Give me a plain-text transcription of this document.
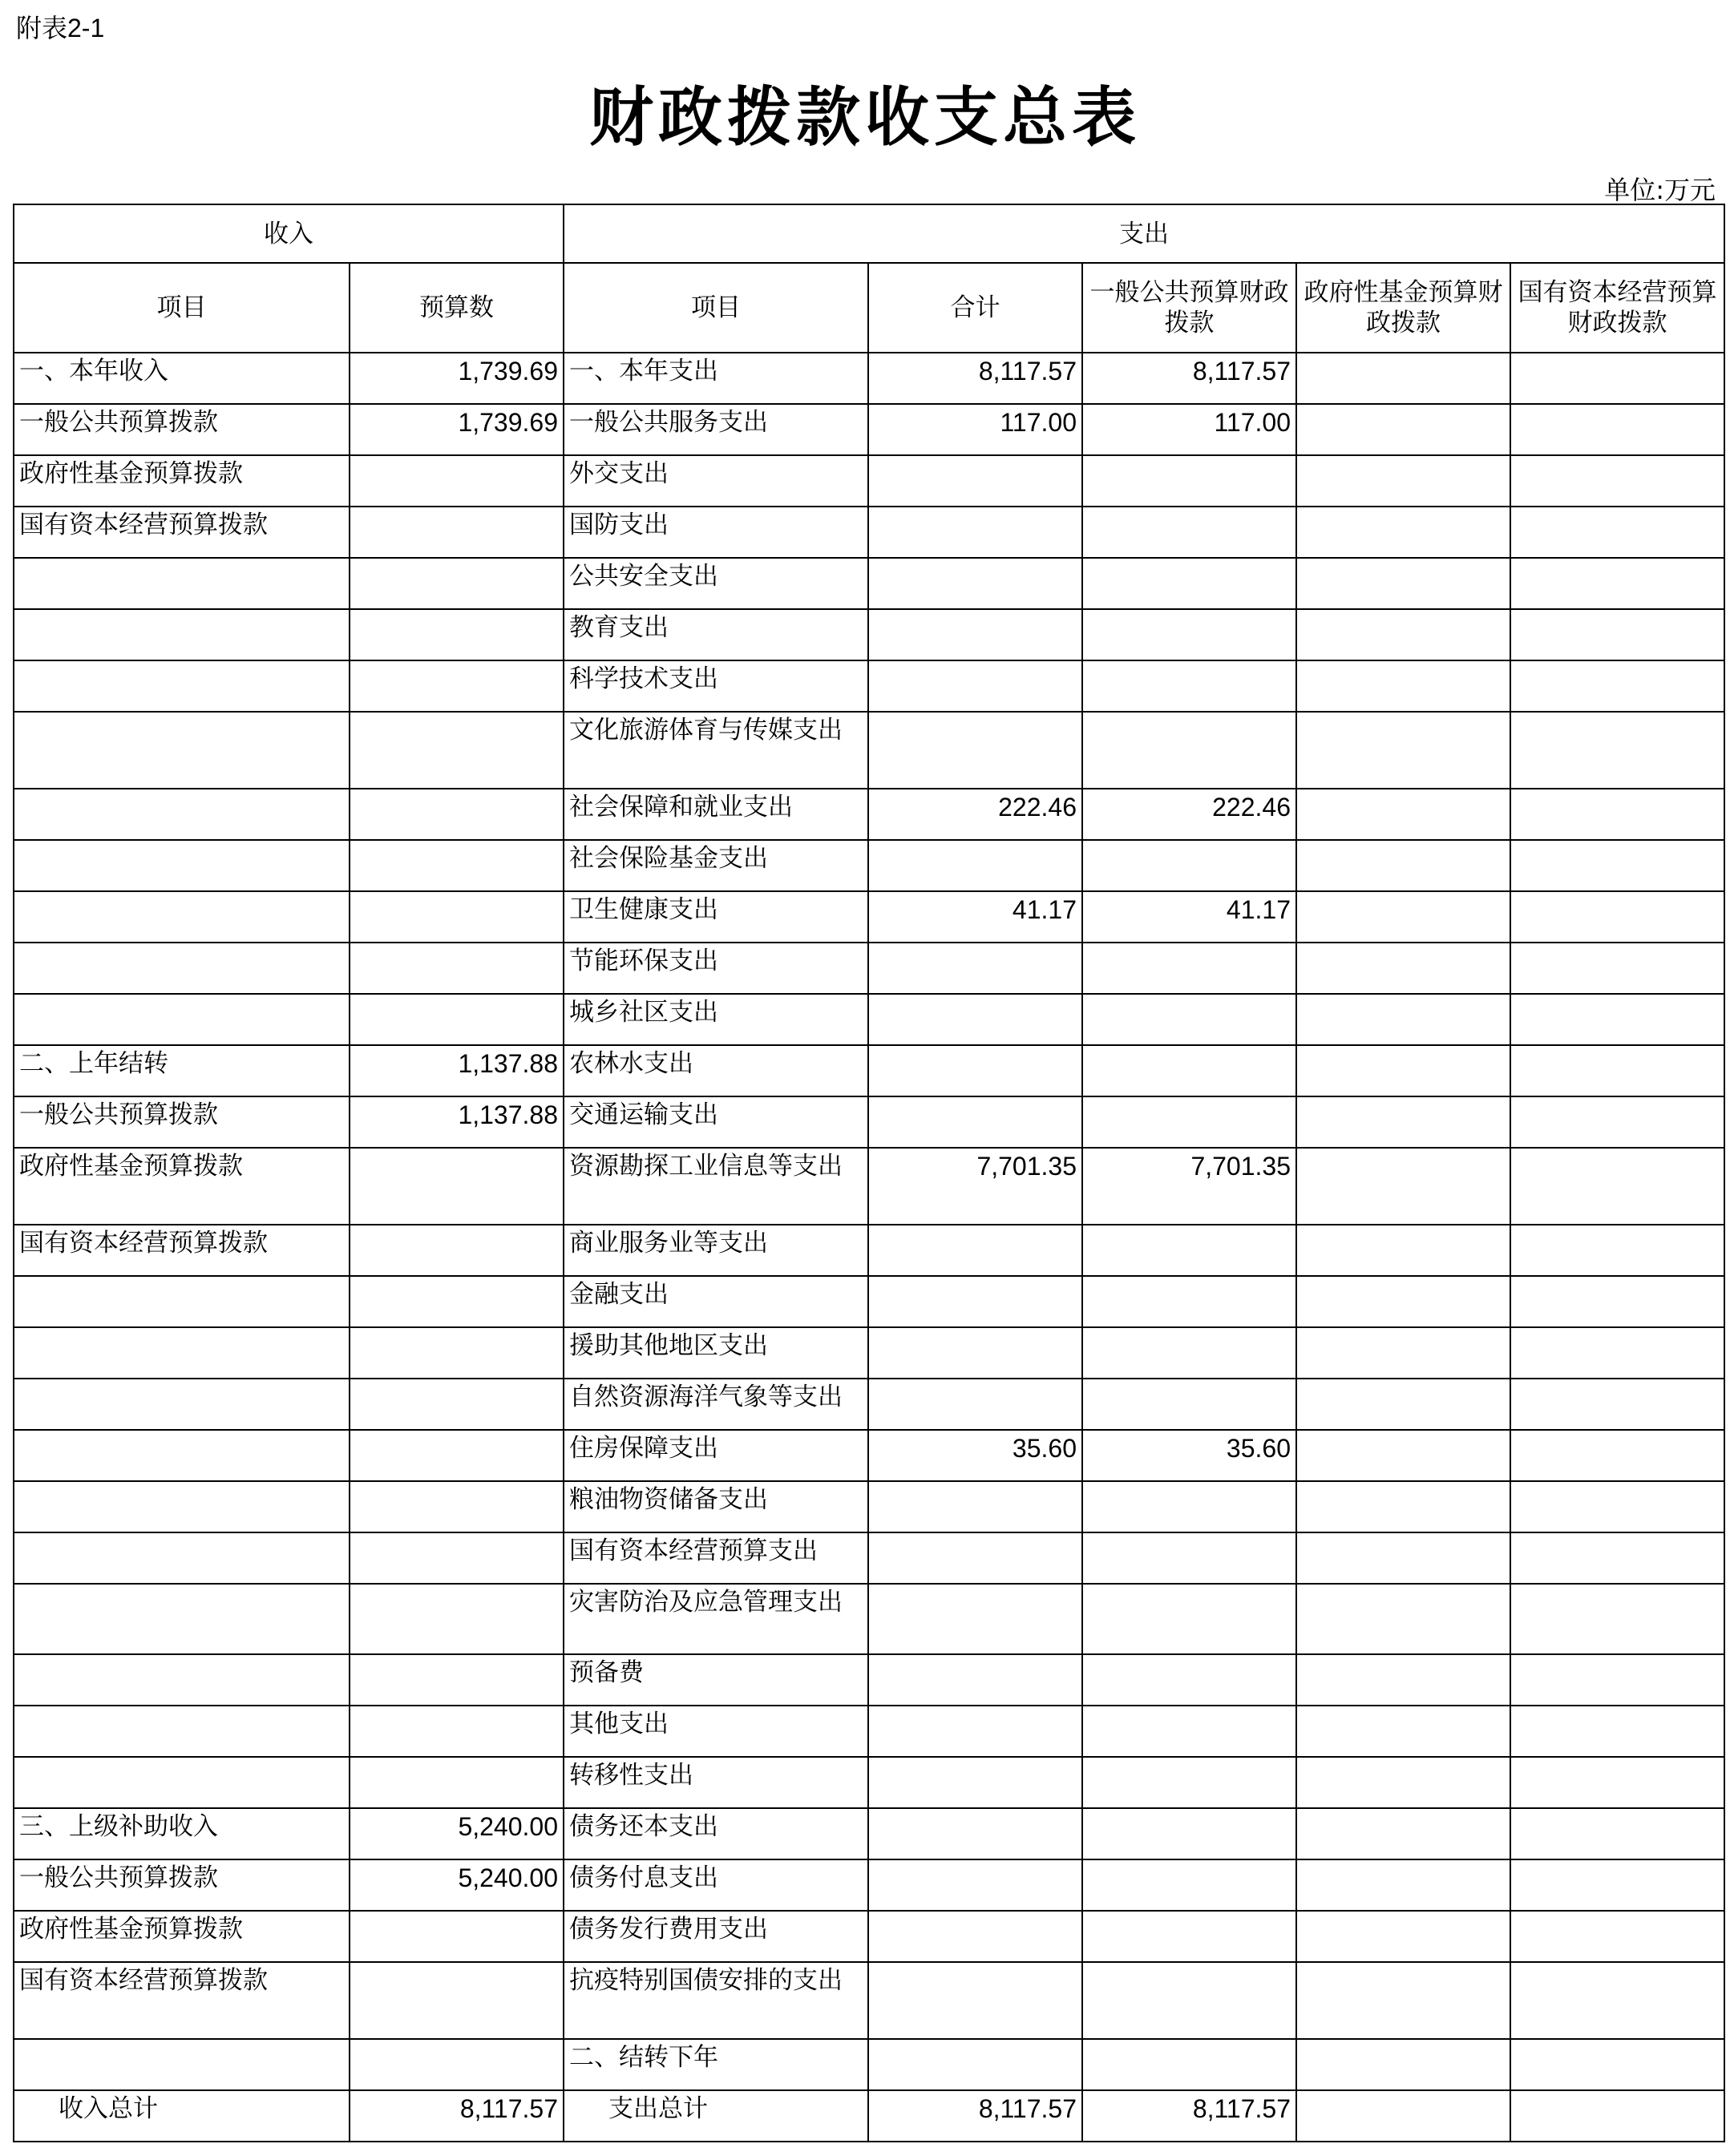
附表2-1
财政拨款收支总表
单位:万元
收入		支出				
项目	预算数	项目	合计	一般公共预算财政拨款	政府性基金预算财政拨款	国有资本经营预算财政拨款
一、本年收入	1,739.69	一、本年支出	8,117.57	8,117.57		
一般公共预算拨款	1,739.69	一般公共服务支出	117.00	117.00		
政府性基金预算拨款		外交支出				
国有资本经营预算拨款		国防支出				
		公共安全支出				
		教育支出				
		科学技术支出				
		文化旅游体育与传媒支出				
		社会保障和就业支出	222.46	222.46		
		社会保险基金支出				
		卫生健康支出	41.17	41.17		
		节能环保支出				
		城乡社区支出				
二、上年结转	1,137.88	农林水支出				
一般公共预算拨款	1,137.88	交通运输支出				
政府性基金预算拨款		资源勘探工业信息等支出	7,701.35	7,701.35		
国有资本经营预算拨款		商业服务业等支出				
		金融支出				
		援助其他地区支出				
		自然资源海洋气象等支出				
		住房保障支出	35.60	35.60		
		粮油物资储备支出				
		国有资本经营预算支出				
		灾害防治及应急管理支出				
		预备费				
		其他支出				
		转移性支出				
三、上级补助收入	5,240.00	债务还本支出				
一般公共预算拨款	5,240.00	债务付息支出				
政府性基金预算拨款		债务发行费用支出				
国有资本经营预算拨款		抗疫特别国债安排的支出				
		二、结转下年				
收入总计	8,117.57	支出总计	8,117.57	8,117.57		
